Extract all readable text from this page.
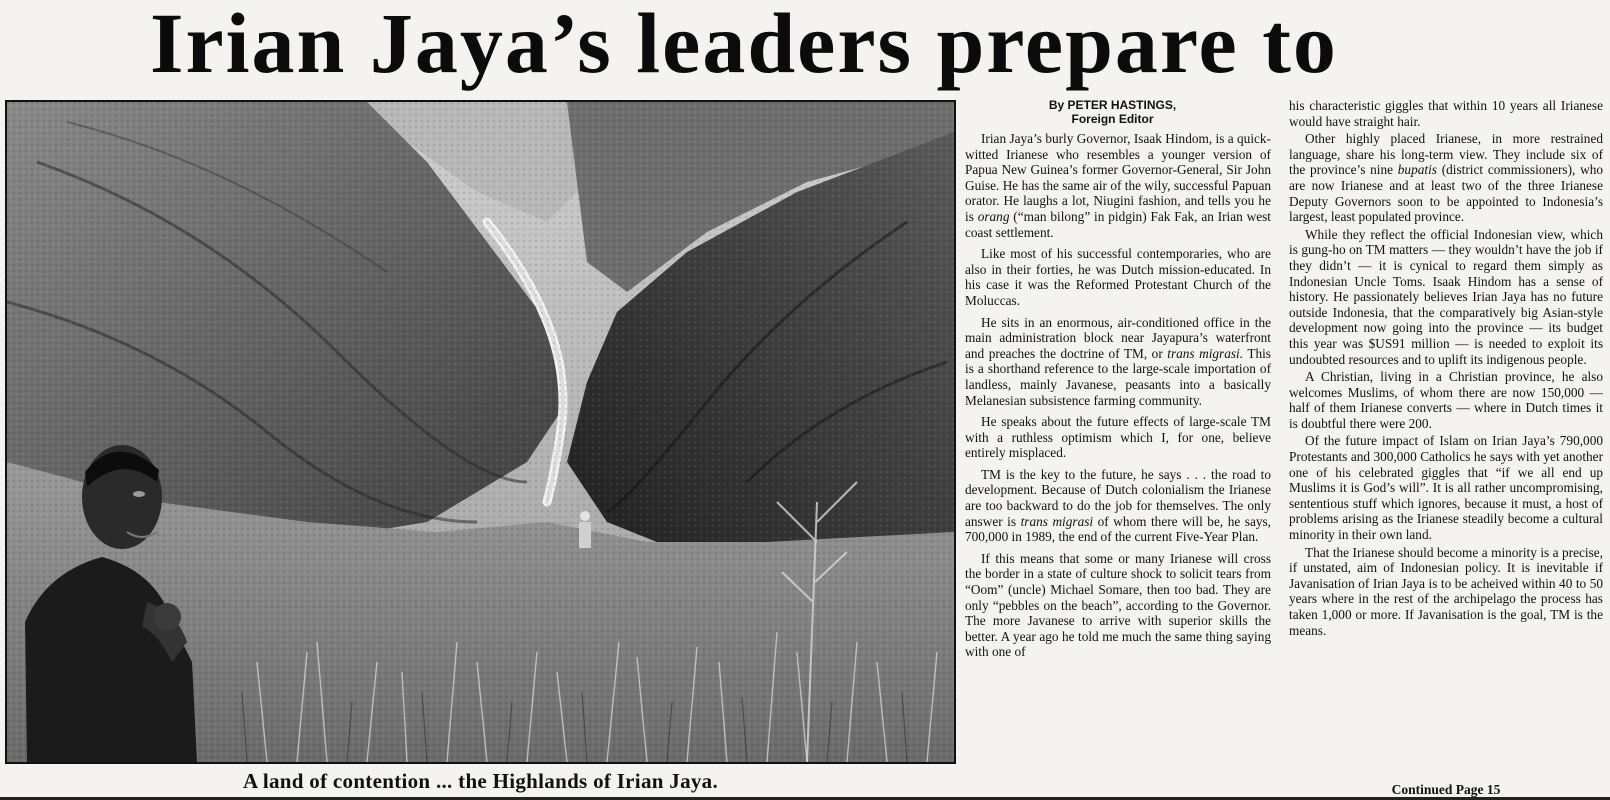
Irian Jaya’s leaders prepare to
A land of contention ... the Highlands of Irian Jaya.
By PETER HASTINGS,
Foreign Editor

Irian Jaya’s burly Governor, Isaak Hindom, is a quick-witted Irianese who resembles a younger version of Papua New Guinea’s former Governor-General, Sir John Guise. He has the same air of the wily, successful Papuan orator. He laughs a lot, Niugini fashion, and tells you he is orang (“man bilong” in pidgin) Fak Fak, an Irian west coast settlement.

Like most of his successful contemporaries, who are also in their forties, he was Dutch mission-educated. In his case it was the Reformed Protestant Church of the Moluccas.

He sits in an enormous, air-conditioned office in the main administration block near Jayapura’s waterfront and preaches the doctrine of TM, or trans migrasi. This is a shorthand reference to the large-scale importation of landless, mainly Javanese, peasants into a basically Melanesian subsistence farming community.

He speaks about the future effects of large-scale TM with a ruthless optimism which I, for one, believe entirely misplaced.

TM is the key to the future, he says . . . the road to development. Because of Dutch colonialism the Irianese are too backward to do the job for themselves. The only answer is trans migrasi of whom there will be, he says, 700,000 in 1989, the end of the current Five-Year Plan.

If this means that some or many Irianese will cross the border in a state of culture shock to solicit tears from “Oom” (uncle) Michael Somare, then too bad. They are only “pebbles on the beach”, according to the Governor. The more Javanese to arrive with superior skills the better. A year ago he told me much the same thing saying with one of

his characteristic giggles that within 10 years all Irianese would have straight hair.

Other highly placed Irianese, in more restrained language, share his long-term view. They include six of the province’s nine bupatis (district commissioners), who are now Irianese and at least two of the three Irianese Deputy Governors soon to be appointed to Indonesia’s largest, least populated province.

While they reflect the official Indonesian view, which is gung-ho on TM matters — they wouldn’t have the job if they didn’t — it is cynical to regard them simply as Indonesian Uncle Toms. Isaak Hindom has a sense of history. He passionately believes Irian Jaya has no future outside Indonesia, that the comparatively big Asian-style development now going into the province — its budget this year was $US91 million — is needed to exploit its undoubted resources and to uplift its indigenous people.

A Christian, living in a Christian province, he also welcomes Muslims, of whom there are now 150,000 — half of them Irianese converts — where in Dutch times it is doubtful there were 200.

Of the future impact of Islam on Irian Jaya’s 790,000 Protestants and 300,000 Catholics he says with yet another one of his celebrated giggles that “if we all end up Muslims it is God’s will”. It is all rather uncompromising, sententious stuff which ignores, because it must, a host of problems arising as the Irianese steadily become a cultural minority in their own land.

That the Irianese should become a minority is a precise, if unstated, aim of Indonesian policy. It is inevitable if Javanisation of Irian Jaya is to be acheived within 40 to 50 years where in the rest of the archipelago the process has taken 1,000 or more. If Javanisation is the goal, TM is the means.

Continued Page 15
